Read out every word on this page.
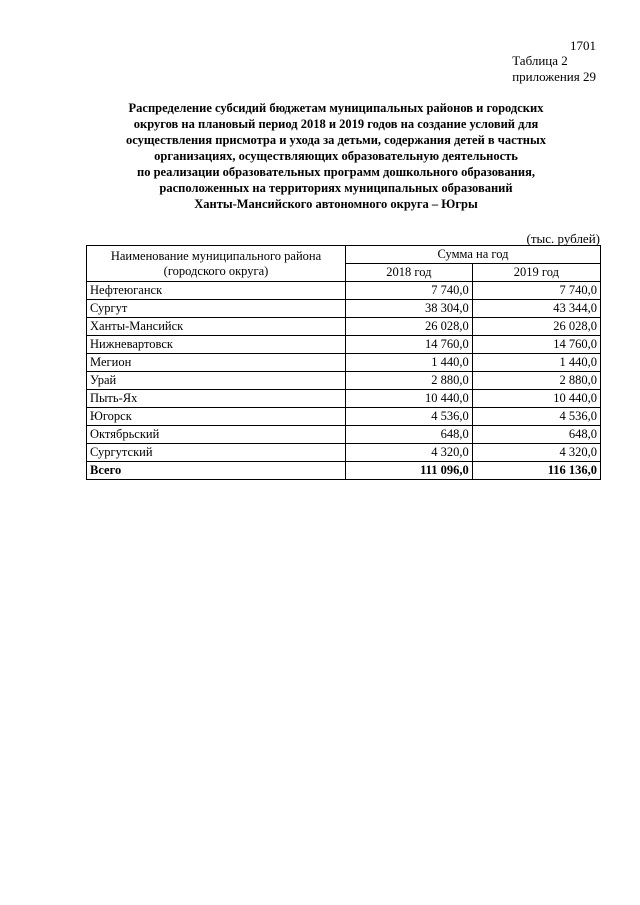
1701
Таблица 2
приложения 29
Распределение субсидий бюджетам муниципальных районов и городских
округов на плановый период 2018 и 2019 годов на создание условий для
осуществления присмотра и ухода за детьми, содержания детей в частных
организациях, осуществляющих образовательную деятельность
по реализации образовательных программ дошкольного образования,
расположенных на территориях муниципальных образований
Ханты-Мансийского автономного округа – Югры
(тыс. рублей)
Наименование муниципального района (городского округа)	Сумма на год	
	2018 год	2019 год
Нефтеюганск	7 740,0	7 740,0
Сургут	38 304,0	43 344,0
Ханты-Мансийск	26 028,0	26 028,0
Нижневартовск	14 760,0	14 760,0
Мегион	1 440,0	1 440,0
Урай	2 880,0	2 880,0
Пыть-Ях	10 440,0	10 440,0
Югорск	4 536,0	4 536,0
Октябрьский	648,0	648,0
Сургутский	4 320,0	4 320,0
Всего	111 096,0	116 136,0
